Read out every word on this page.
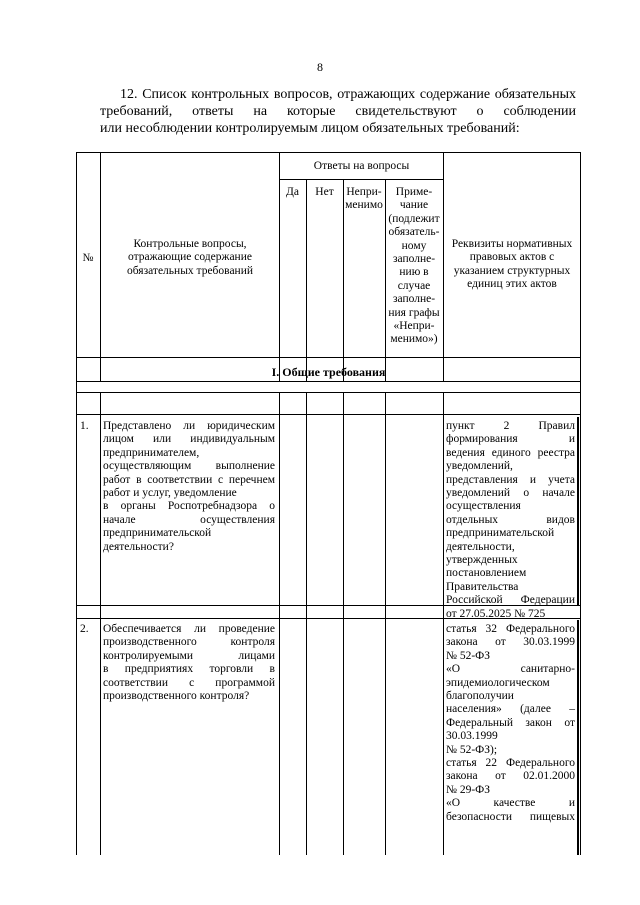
8
12. Список контрольных вопросов, отражающих содержание обязательных
требований, ответы на которые свидетельствуют о соблюдении
или несоблюдении контролируемым лицом обязательных требований:
№
Контрольные вопросы, отражающие содержание обязательных требований
Ответы на вопросы
Да	Нет	Непри-
менимо
Приме-
чание
(подлежит
обязатель-
ному
заполне-
нию в
случае
заполне-
ния графы
«Непри-
менимо»)
Реквизиты нормативных правовых актов с указанием структурных единиц этих актов
I. Общие требования
1. Представлено ли юридическим
лицом или индивидуальным
предпринимателем,
осуществляющим выполнение
работ в соответствии с перечнем
работ и услуг, уведомление
в органы Роспотребнадзора о
начале осуществления
предпринимательской
деятельности?
пункт 2 Правил
формирования и
ведения единого реестра
уведомлений,
представления и учета
уведомлений о начале
осуществления
отдельных видов
предпринимательской
деятельности,
утвержденных
постановлением
Правительства
Российской Федерации
от 27.05.2025 № 725
2. Обеспечивается ли проведение
производственного контроля
контролируемыми лицами
в предприятиях торговли в
соответствии с программой
производственного контроля?
статья 32 Федерального
закона от 30.03.1999
№ 52-ФЗ
«О санитарно-
эпидемиологическом
благополучии
населения» (далее –
Федеральный закон от
30.03.1999
№ 52-ФЗ);
статья 22 Федерального
закона от 02.01.2000
№ 29-ФЗ
«О качестве и
безопасности пищевых
